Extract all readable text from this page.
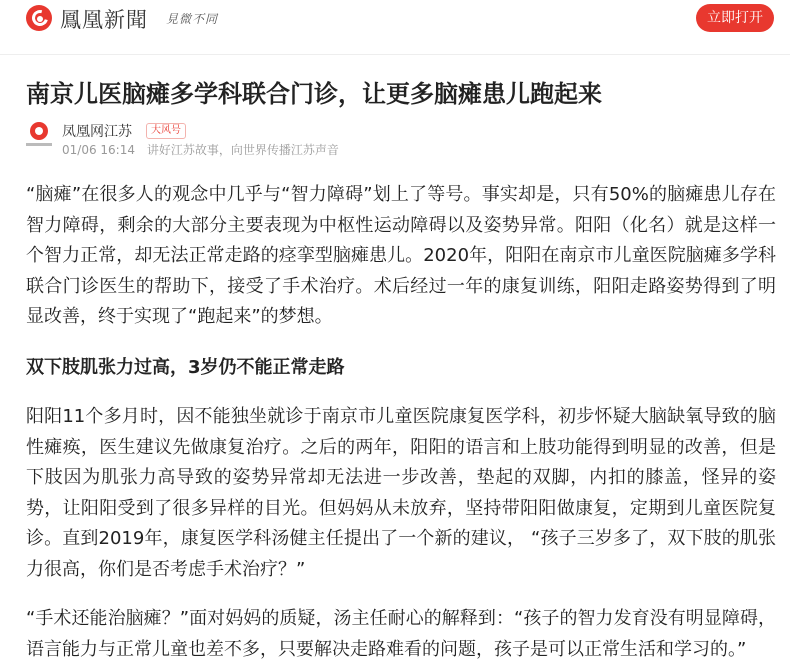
鳳凰新聞 見微不同	立即打开
南京儿医脑瘫多学科联合门诊，让更多脑瘫患儿跑起来
凤凰网江苏	大风号
01/06 16:14 讲好江苏故事，向世界传播江苏声音

“脑瘫”在很多人的观念中几乎与“智力障碍”划上了等号。事实却是，只有50%的脑瘫患儿存在智力障碍，剩余的大部分主要表现为中枢性运动障碍以及姿势异常。阳阳（化名）就是这样一个智力正常，却无法正常走路的痉挛型脑瘫患儿。2020年，阳阳在南京市儿童医院脑瘫多学科联合门诊医生的帮助下，接受了手术治疗。术后经过一年的康复训练，阳阳走路姿势得到了明显改善，终于实现了“跑起来”的梦想。

双下肢肌张力过高，3岁仍不能正常走路

阳阳11个多月时，因不能独坐就诊于南京市儿童医院康复医学科，初步怀疑大脑缺氧导致的脑性瘫痪，医生建议先做康复治疗。之后的两年，阳阳的语言和上肢功能得到明显的改善，但是下肢因为肌张力高导致的姿势异常却无法进一步改善，垫起的双脚，内扣的膝盖，怪异的姿势，让阳阳受到了很多异样的目光。但妈妈从未放弃，坚持带阳阳做康复，定期到儿童医院复诊。直到2019年，康复医学科汤健主任提出了一个新的建议， “孩子三岁多了，双下肢的肌张力很高，你们是否考虑手术治疗？”

“手术还能治脑瘫？”面对妈妈的质疑，汤主任耐心的解释到：“孩子的智力发育没有明显障碍，语言能力与正常儿童也差不多，只要解决走路难看的问题，孩子是可以正常生活和学习的。”
